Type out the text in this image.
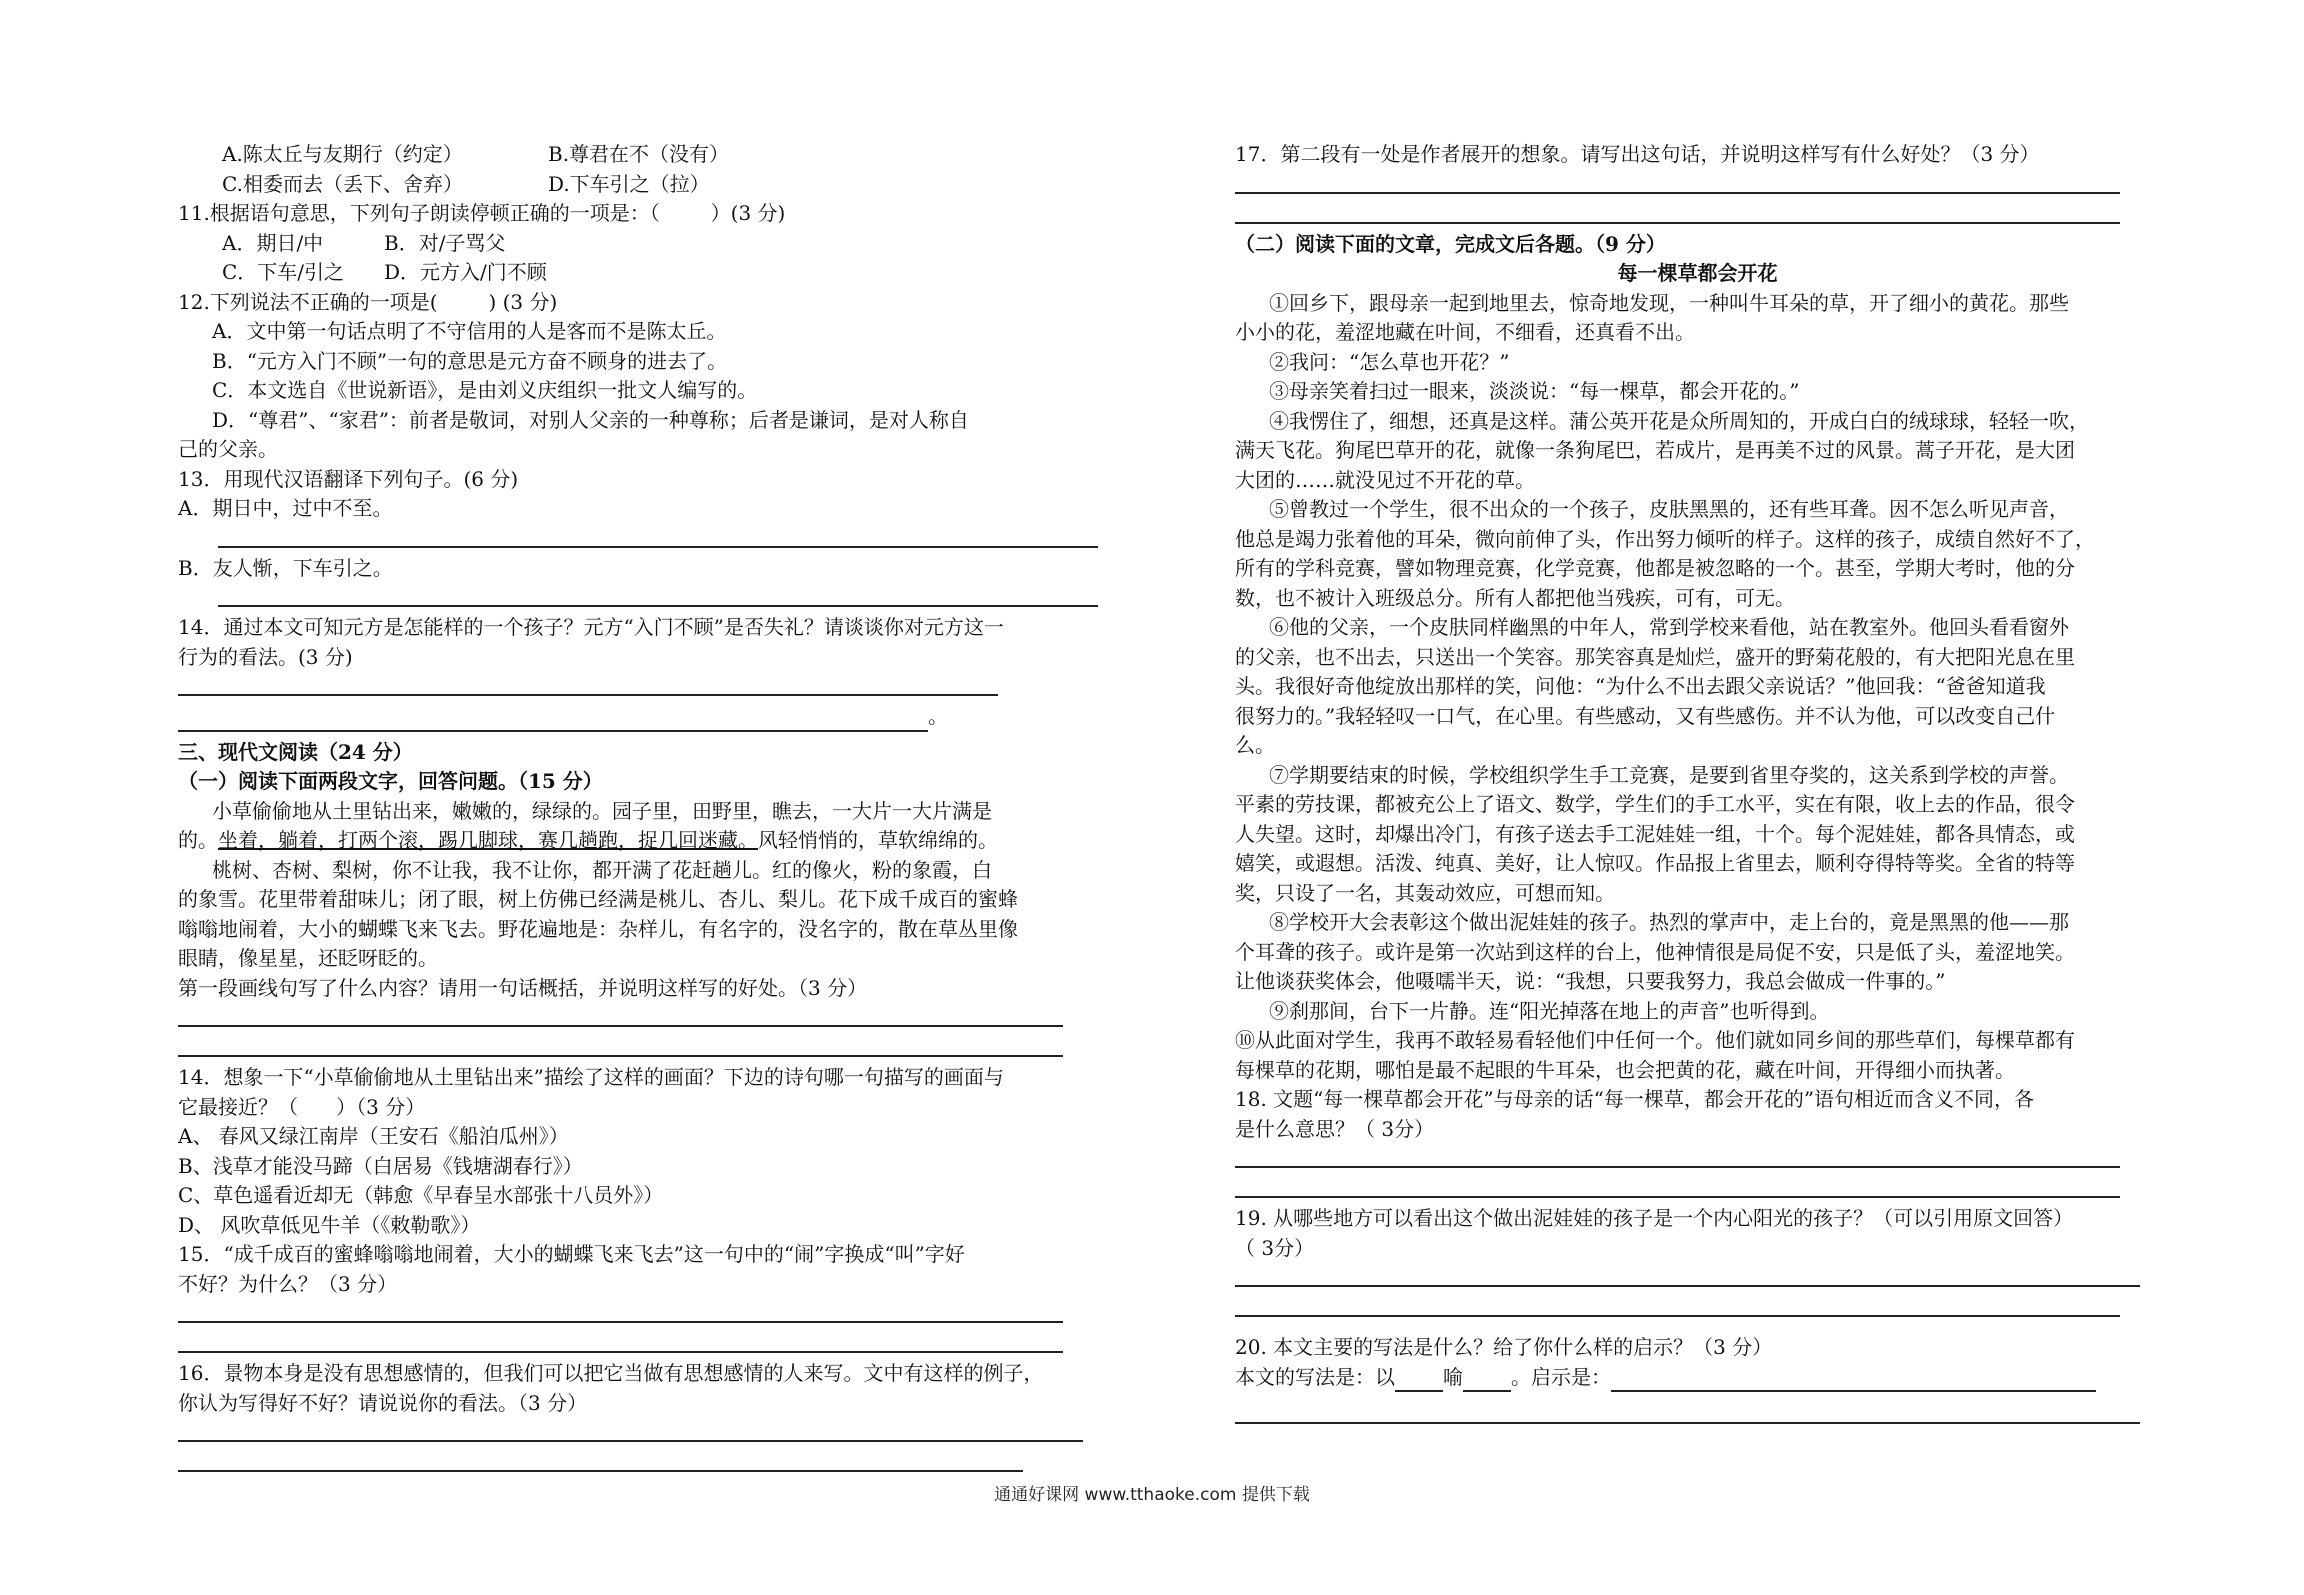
A.陈太丘与友期行（约定）	B.尊君在不（没有）
C.相委而去（丢下、舍弃）	D.下车引之（拉）
11.根据语句意思，下列句子朗读停顿正确的一项是：（        ）(3 分)
A．期日/中	B．对/子骂父
C．下车/引之	D．元方入/门不顾
12.下列说法不正确的一项是(        ) (3 分)
A．文中第一句话点明了不守信用的人是客而不是陈太丘。
B．“元方入门不顾”一句的意思是元方奋不顾身的进去了。
C．本文选自《世说新语》，是由刘义庆组织一批文人编写的。
D．“尊君”、“家君”：前者是敬词，对别人父亲的一种尊称；后者是谦词，是对人称自
己的父亲。
13．用现代汉语翻译下列句子。(6 分)
A．期日中，过中不至。
B．友人惭，下车引之。
14．通过本文可知元方是怎能样的一个孩子？元方“入门不顾”是否失礼？请谈谈你对元方这一
行为的看法。(3 分)
。
三、现代文阅读（24 分）
（一）阅读下面两段文字，回答问题。（15 分）
小草偷偷地从土里钻出来，嫩嫩的，绿绿的。园子里，田野里，瞧去，一大片一大片满是
的。坐着，躺着，打两个滚，踢几脚球，赛几趟跑，捉几回迷藏。风轻悄悄的，草软绵绵的。
桃树、杏树、梨树，你不让我，我不让你，都开满了花赶趟儿。红的像火，粉的象霞，白
的象雪。花里带着甜味儿；闭了眼，树上仿佛已经满是桃儿、杏儿、梨儿。花下成千成百的蜜蜂
嗡嗡地闹着，大小的蝴蝶飞来飞去。野花遍地是：杂样儿，有名字的，没名字的，散在草丛里像
眼睛，像星星，还眨呀眨的。
第一段画线句写了什么内容？请用一句话概括，并说明这样写的好处。（3 分）
14．想象一下“小草偷偷地从土里钻出来”描绘了这样的画面？下边的诗句哪一句描写的画面与
它最接近？（      ）（3 分）
A、 春风又绿江南岸（王安石《船泊瓜州》）
B、浅草才能没马蹄（白居易《钱塘湖春行》）
C、草色遥看近却无（韩愈《早春呈水部张十八员外》）
D、 风吹草低见牛羊（《敕勒歌》）
15．“成千成百的蜜蜂嗡嗡地闹着，大小的蝴蝶飞来飞去”这一句中的“闹”字换成“叫”字好
不好？为什么？（3 分）
16．景物本身是没有思想感情的，但我们可以把它当做有思想感情的人来写。文中有这样的例子，
你认为写得好不好？请说说你的看法。（3 分）
17．第二段有一处是作者展开的想象。请写出这句话，并说明这样写有什么好处？（3 分）
（二）阅读下面的文章，完成文后各题。（9 分）
每一棵草都会开花
①回乡下，跟母亲一起到地里去，惊奇地发现，一种叫牛耳朵的草，开了细小的黄花。那些
小小的花，羞涩地藏在叶间，不细看，还真看不出。
②我问：“怎么草也开花？”
③母亲笑着扫过一眼来，淡淡说：“每一棵草，都会开花的。”
④我愣住了，细想，还真是这样。蒲公英开花是众所周知的，开成白白的绒球球，轻轻一吹，
满天飞花。狗尾巴草开的花，就像一条狗尾巴，若成片，是再美不过的风景。蒿子开花，是大团
大团的……就没见过不开花的草。
⑤曾教过一个学生，很不出众的一个孩子，皮肤黑黑的，还有些耳聋。因不怎么听见声音，
他总是竭力张着他的耳朵，微向前伸了头，作出努力倾听的样子。这样的孩子，成绩自然好不了，
所有的学科竞赛，譬如物理竞赛，化学竞赛，他都是被忽略的一个。甚至，学期大考时，他的分
数，也不被计入班级总分。所有人都把他当残疾，可有，可无。
⑥他的父亲，一个皮肤同样幽黑的中年人，常到学校来看他，站在教室外。他回头看看窗外
的父亲，也不出去，只送出一个笑容。那笑容真是灿烂，盛开的野菊花般的，有大把阳光息在里
头。我很好奇他绽放出那样的笑，问他：“为什么不出去跟父亲说话？”他回我：“爸爸知道我
很努力的。”我轻轻叹一口气，在心里。有些感动，又有些感伤。并不认为他，可以改变自己什
么。
⑦学期要结束的时候，学校组织学生手工竞赛，是要到省里夺奖的，这关系到学校的声誉。
平素的劳技课，都被充公上了语文、数学，学生们的手工水平，实在有限，收上去的作品，很令
人失望。这时，却爆出冷门，有孩子送去手工泥娃娃一组，十个。每个泥娃娃，都各具情态，或
嬉笑，或遐想。活泼、纯真、美好，让人惊叹。作品报上省里去，顺利夺得特等奖。全省的特等
奖，只设了一名，其轰动效应，可想而知。
⑧学校开大会表彰这个做出泥娃娃的孩子。热烈的掌声中，走上台的，竟是黑黑的他——那
个耳聋的孩子。或许是第一次站到这样的台上，他神情很是局促不安，只是低了头，羞涩地笑。
让他谈获奖体会，他嗫嚅半天，说：“我想，只要我努力，我总会做成一件事的。”
⑨刹那间，台下一片静。连“阳光掉落在地上的声音”也听得到。
⑩从此面对学生，我再不敢轻易看轻他们中任何一个。他们就如同乡间的那些草们，每棵草都有
每棵草的花期，哪怕是最不起眼的牛耳朵，也会把黄的花，藏在叶间，开得细小而执著。
18. 文题“每一棵草都会开花”与母亲的话“每一棵草，都会开花的”语句相近而含义不同，各
是什么意思？（ 3分）
19. 从哪些地方可以看出这个做出泥娃娃的孩子是一个内心阳光的孩子？（可以引用原文回答）
（ 3分）
20. 本文主要的写法是什么？给了你什么样的启示？（3 分）
本文的写法是：以 喻 。启示是：
通通好课网 www.tthaoke.com 提供下载
